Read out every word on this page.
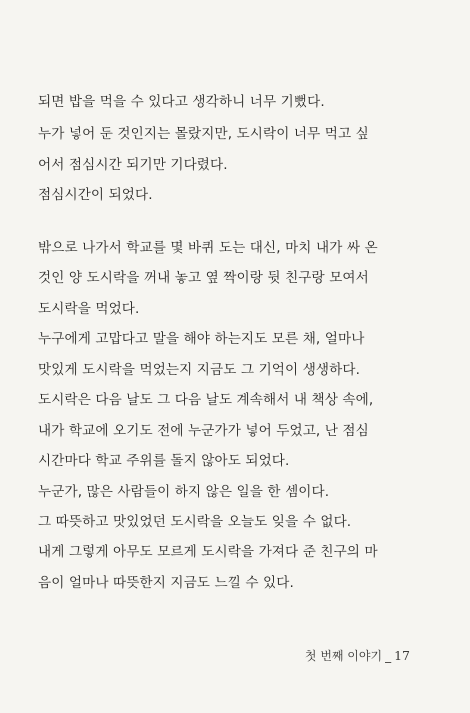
되면 밥을 먹을 수 있다고 생각하니 너무 기뻤다.
누가 넣어 둔 것인지는 몰랐지만, 도시락이 너무 먹고 싶
어서 점심시간 되기만 기다렸다.
점심시간이 되었다.
밖으로 나가서 학교를 몇 바퀴 도는 대신, 마치 내가 싸 온
것인 양 도시락을 꺼내 놓고 옆 짝이랑 뒷 친구랑 모여서
도시락을 먹었다.
누구에게 고맙다고 말을 해야 하는지도 모른 채, 얼마나
맛있게 도시락을 먹었는지 지금도 그 기억이 생생하다.
도시락은 다음 날도 그 다음 날도 계속해서 내 책상 속에,
내가 학교에 오기도 전에 누군가가 넣어 두었고, 난 점심
시간마다 학교 주위를 돌지 않아도 되었다.
누군가, 많은 사람들이 하지 않은 일을 한 셈이다.
그 따뜻하고 맛있었던 도시락을 오늘도 잊을 수 없다.
내게 그렇게 아무도 모르게 도시락을 가져다 준 친구의 마
음이 얼마나 따뜻한지 지금도 느낄 수 있다.
첫 번째 이야기 _ 17
